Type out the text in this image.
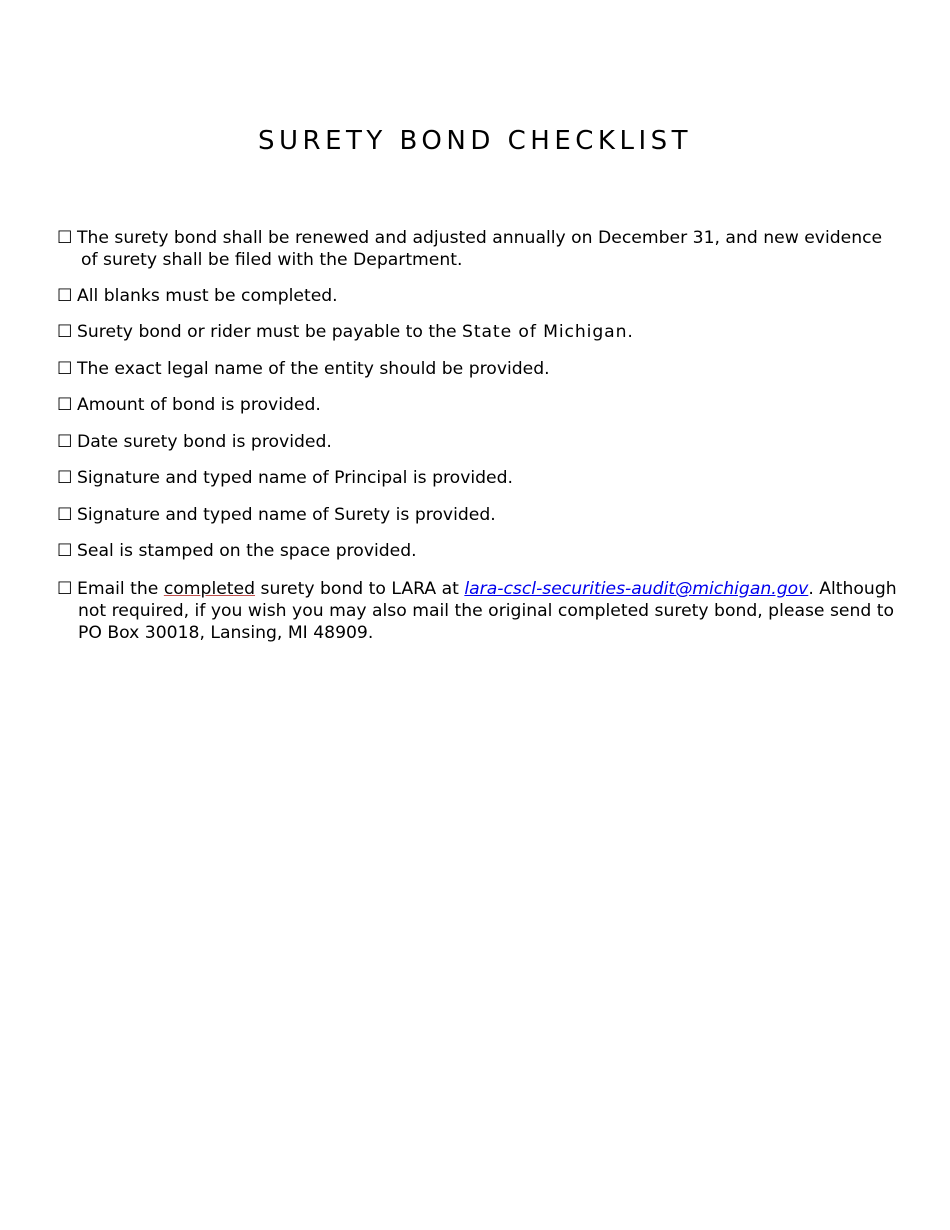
SURETY BOND CHECKLIST
☐ The surety bond shall be renewed and adjusted annually on December 31, and new evidence
of surety shall be filed with the Department.
☐ All blanks must be completed.
☐ Surety bond or rider must be payable to the State of Michigan.
☐ The exact legal name of the entity should be provided.
☐ Amount of bond is provided.
☐ Date surety bond is provided.
☐ Signature and typed name of Principal is provided.
☐ Signature and typed name of Surety is provided.
☐ Seal is stamped on the space provided.
☐ Email the completed surety bond to LARA at lara-cscl-securities-audit@michigan.gov. Although
not required, if you wish you may also mail the original completed surety bond, please send to
PO Box 30018, Lansing, MI 48909.
